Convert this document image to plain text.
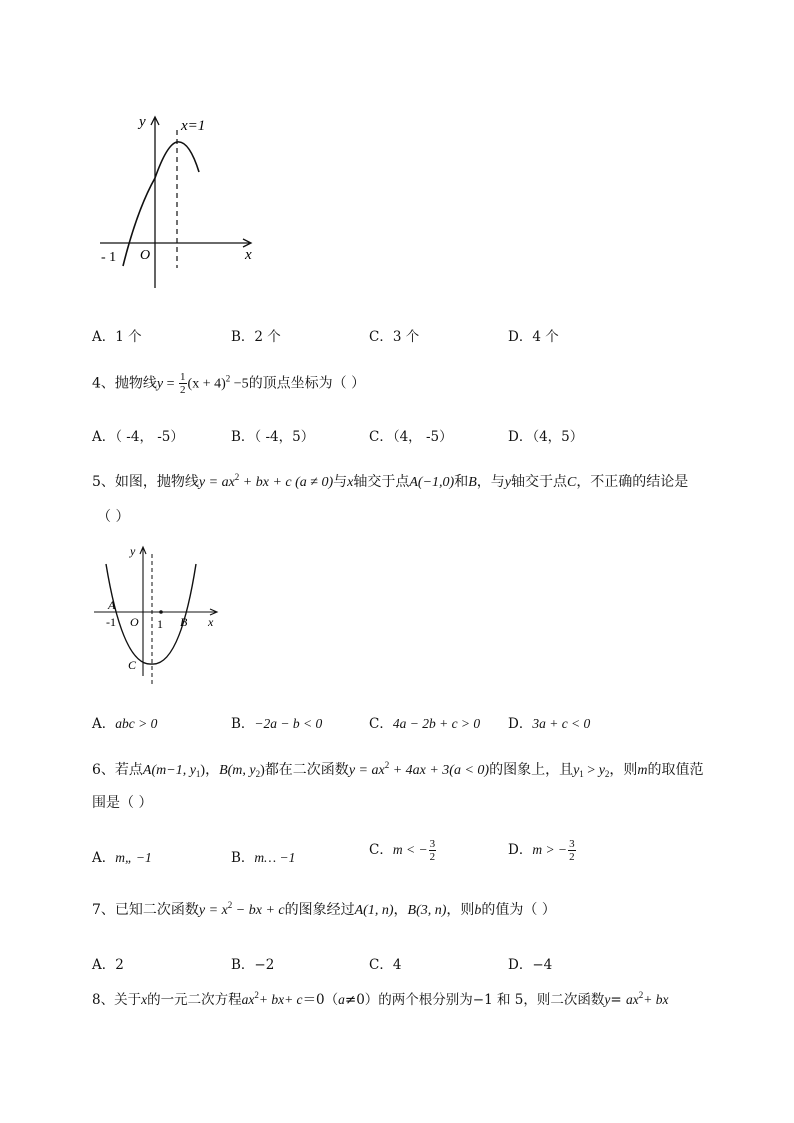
y x=1
x
O
- 1
A．1 个	B．2 个	C．3 个	D．4 个
4、抛物线$y = \frac{1}{2} (x + 4)^2 -5$的顶点坐标为（ ）
A．（ -4， -5）	B．（ -4，5）	C．（4， -5）	D．（4，5）
5、如图，抛物线$y = ax^2$ + bx + c (a ≠ 0)与x轴交于点A(−1,0)和B，与y轴交于点C，不正确的结论是
（ ）
y
x
A
-1 O 1 B
C
A．abc > 0	B．−2a − b < 0	C．4a − 2b + c > 0 D．3a + c < 0
6、若点A(m−1, $y_1$)，B(m, $y_2$)都在二次函数$y = ax^2 + 4ax + 3(a < 0)$的图象上，且$y_1 > y_2$，则m的取值范
围是（ ）
A．m„ −1	B．m… −1	C．m < − $\frac{3}{2}$	D．m > − $\frac{3}{2}$
7、已知二次函数$y = x^2$ − bx + c的图象经过A(1, n)，B(3, n)，则b的值为（ ）
A．2	B．−2	C．4	D．−4
8、关于x的一元二次方程$ax^2+ bx+ c=0(a\ne 0)$的两个根分别为−1 和 5，则二次函数$y= ax^2+$ bx
